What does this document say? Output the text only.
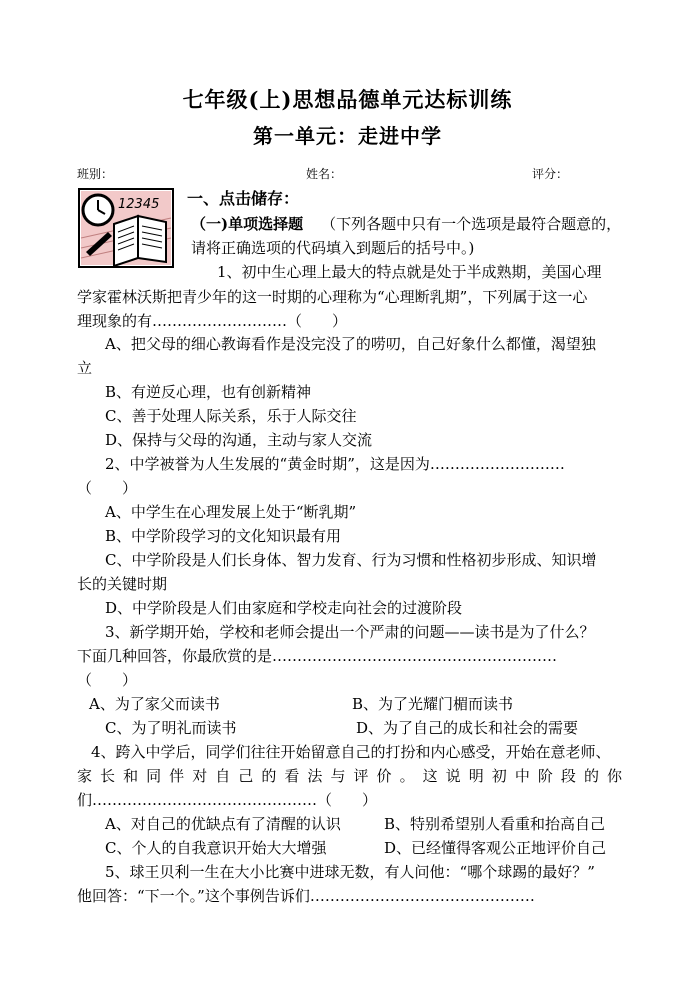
七年级(上)思想品德单元达标训练
第一单元：走进中学
班别：	姓名：	评分：
12345 一、点击储存：
（一)单项选择题 （下列各题中只有一个选项是最符合题意的，
请将正确选项的代码填入到题后的括号中。)
1、初中生心理上最大的特点就是处于半成熟期，美国心理
学家霍林沃斯把青少年的这一时期的心理称为“心理断乳期”，下列属于这一心
理现象的有………………………（　　）
A、把父母的细心教诲看作是没完没了的唠叨，自己好象什么都懂，渴望独
立
B、有逆反心理，也有创新精神
C、善于处理人际关系，乐于人际交往
D、保持与父母的沟通，主动与家人交流
2、中学被誉为人生发展的“黄金时期”，这是因为………………………
（　　）
A、中学生在心理发展上处于“断乳期”
B、中学阶段学习的文化知识最有用
C、中学阶段是人们长身体、智力发育、行为习惯和性格初步形成、知识增
长的关键时期
D、中学阶段是人们由家庭和学校走向社会的过渡阶段
3、新学期开始，学校和老师会提出一个严肃的问题——读书是为了什么？
下面几种回答，你最欣赏的是…………………………………………………
（　　）
A、为了家父而读书	B、为了光耀门楣而读书
C、为了明礼而读书	D、为了自己的成长和社会的需要
4、跨入中学后，同学们往往开始留意自己的打扮和内心感受，开始在意老师、
家长和同伴对自己的看法与评价。这说明初中阶段的你
们………………………………………（　　）
A、对自己的优缺点有了清醒的认识	B、特别希望别人看重和抬高自己
C、个人的自我意识开始大大增强	D、已经懂得客观公正地评价自己
5、球王贝利一生在大小比赛中进球无数，有人问他：“哪个球踢的最好？”
他回答：“下一个。”这个事例告诉们………………………………………
